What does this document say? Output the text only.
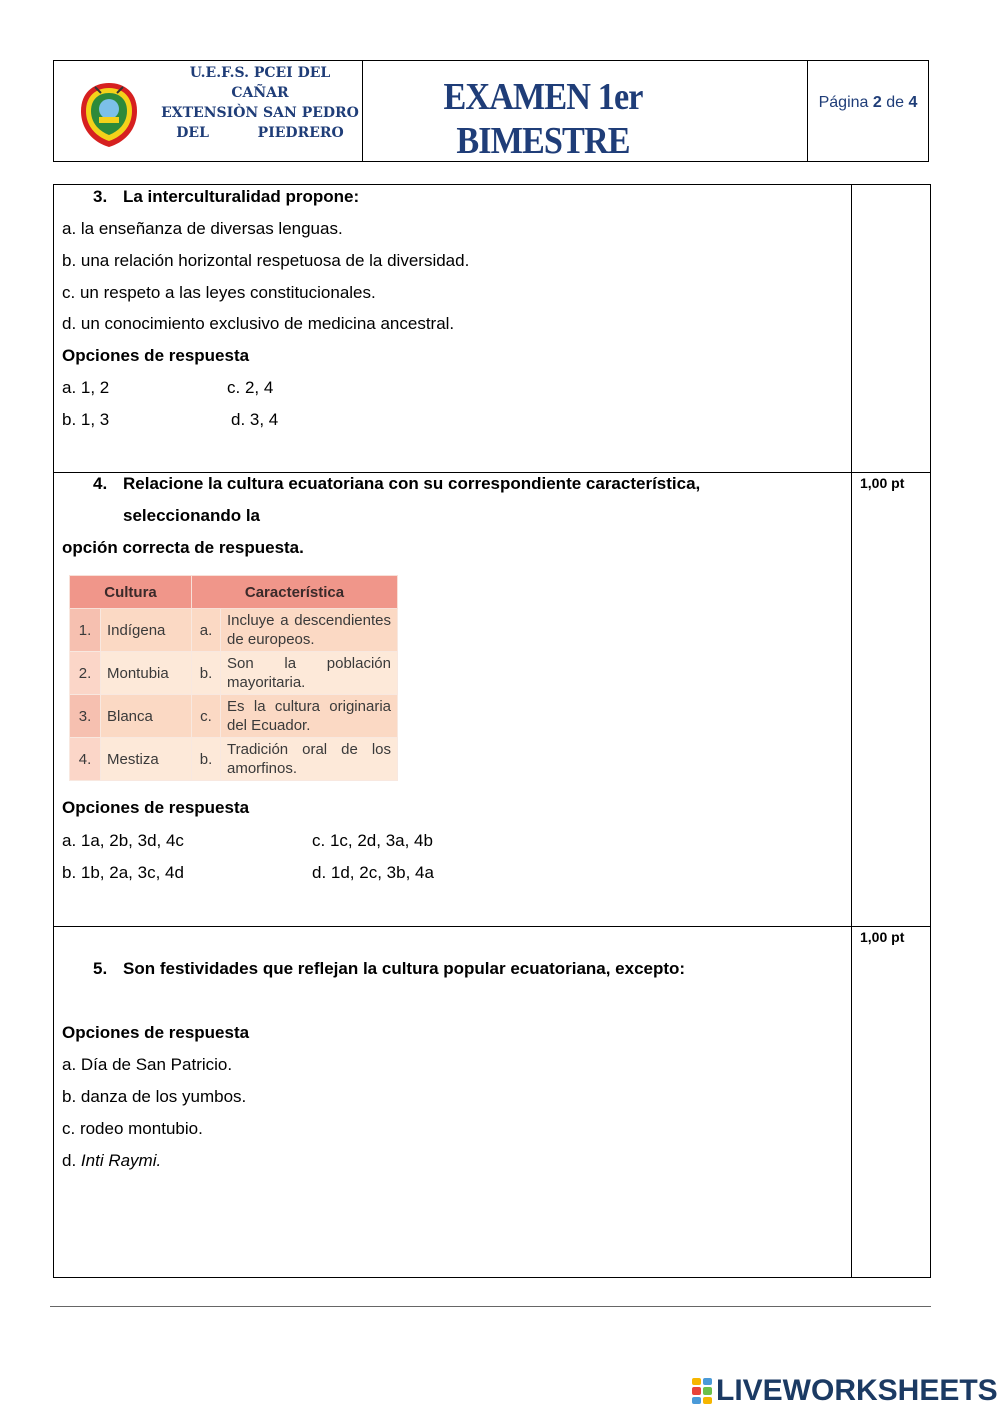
U.E.F.S. PCEI DEL CAÑAR
EXTENSIÒN SAN PEDRO
DEL          PIEDRERO
EXAMEN 1er BIMESTRE
Página 2 de 4
3. La interculturalidad propone:
a. la enseñanza de diversas lenguas.
b. una relación horizontal respetuosa de la diversidad.
c. un respeto a las leyes constitucionales.
d. un conocimiento exclusivo de medicina ancestral.
Opciones de respuesta
a. 1, 2	c. 2, 4
b. 1, 3	d. 3, 4
1,00 pt
4. Relacione la cultura ecuatoriana con su correspondiente característica,
seleccionando la
opción correcta de respuesta.
Cultura		Característica	
1.	Indígena	a.	Incluye a descendientes de europeos.
2.	Montubia	b.	Son la población mayoritaria.
3.	Blanca	c.	Es la cultura originaria del Ecuador.
4.	Mestiza	b.	Tradición oral de los amorfinos.
Opciones de respuesta
a. 1a, 2b, 3d, 4c	c. 1c, 2d, 3a, 4b
b. 1b, 2a, 3c, 4d	d. 1d, 2c, 3b, 4a
1,00 pt
5. Son festividades que reflejan la cultura popular ecuatoriana, excepto:
Opciones de respuesta
a. Día de San Patricio.
b. danza de los yumbos.
c. rodeo montubio.
d. Inti Raymi.
LIVEWORKSHEETS
